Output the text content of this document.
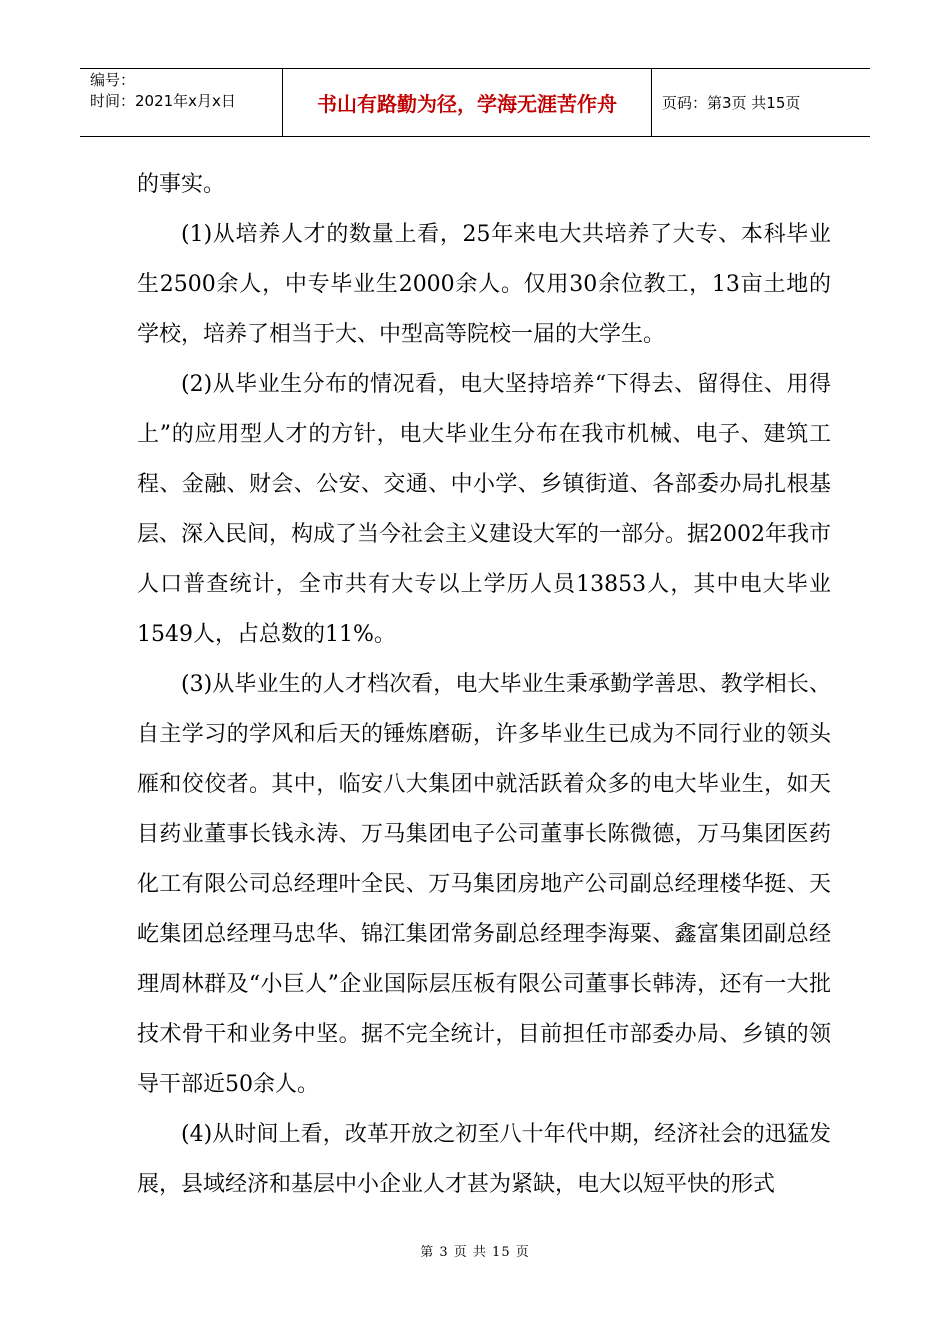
编号：
时间：2021年x月x日	书山有路勤为径，学海无涯苦作舟	页码：第3页 共15页

的事实。

(1)从培养人才的数量上看，25年来电大共培养了大专、本科毕业生2500余人，中专毕业生2000余人。仅用30余位教工，13亩土地的学校，培养了相当于大、中型高等院校一届的大学生。

(2)从毕业生分布的情况看，电大坚持培养“下得去、留得住、用得上”的应用型人才的方针，电大毕业生分布在我市机械、电子、建筑工程、金融、财会、公安、交通、中小学、乡镇街道、各部委办局扎根基层、深入民间，构成了当今社会主义建设大军的一部分。据2002年我市人口普查统计，全市共有大专以上学历人员13853人，其中电大毕业1549人，占总数的11%。

(3)从毕业生的人才档次看，电大毕业生秉承勤学善思、教学相长、自主学习的学风和后天的锤炼磨砺，许多毕业生已成为不同行业的领头雁和佼佼者。其中，临安八大集团中就活跃着众多的电大毕业生，如天目药业董事长钱永涛、万马集团电子公司董事长陈微德，万马集团医药化工有限公司总经理叶全民、万马集团房地产公司副总经理楼华挺、天屹集团总经理马忠华、锦江集团常务副总经理李海粟、鑫富集团副总经理周林群及“小巨人”企业国际层压板有限公司董事长韩涛，还有一大批技术骨干和业务中坚。据不完全统计，目前担任市部委办局、乡镇的领导干部近50余人。

(4)从时间上看，改革开放之初至八十年代中期，经济社会的迅猛发展，县域经济和基层中小企业人才甚为紧缺，电大以短平快的形式

第 3 页 共 15 页
